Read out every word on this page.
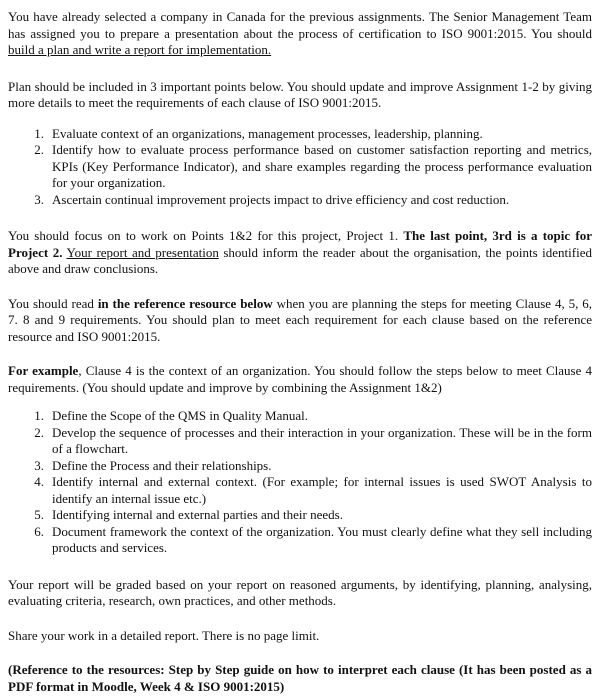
You have already selected a company in Canada for the previous assignments. The Senior Management Team has assigned you to prepare a presentation about the process of certification to ISO 9001:2015. You should build a plan and write a report for implementation.

Plan should be included in 3 important points below. You should update and improve Assignment 1-2 by giving more details to meet the requirements of each clause of ISO 9001:2015.

1. Evaluate context of an organizations, management processes, leadership, planning.
2. Identify how to evaluate process performance based on customer satisfaction reporting and metrics, KPIs (Key Performance Indicator), and share examples regarding the process performance evaluation for your organization.
3. Ascertain continual improvement projects impact to drive efficiency and cost reduction.

You should focus on to work on Points 1&2 for this project, Project 1. The last point, 3rd is a topic for Project 2. Your report and presentation should inform the reader about the organisation, the points identified above and draw conclusions.

You should read in the reference resource below when you are planning the steps for meeting Clause 4, 5, 6, 7. 8 and 9 requirements. You should plan to meet each requirement for each clause based on the reference resource and ISO 9001:2015.

For example, Clause 4 is the context of an organization. You should follow the steps below to meet Clause 4 requirements. (You should update and improve by combining the Assignment 1&2)

1. Define the Scope of the QMS in Quality Manual.
2. Develop the sequence of processes and their interaction in your organization. These will be in the form of a flowchart.
3. Define the Process and their relationships.
4. Identify internal and external context. (For example; for internal issues is used SWOT Analysis to identify an internal issue etc.)
5. Identifying internal and external parties and their needs.
6. Document framework the context of the organization. You must clearly define what they sell including products and services.

Your report will be graded based on your report on reasoned arguments, by identifying, planning, analysing, evaluating criteria, research, own practices, and other methods.

Share your work in a detailed report. There is no page limit.

(Reference to the resources: Step by Step guide on how to interpret each clause (It has been posted as a PDF format in Moodle, Week 4 & ISO 9001:2015)
